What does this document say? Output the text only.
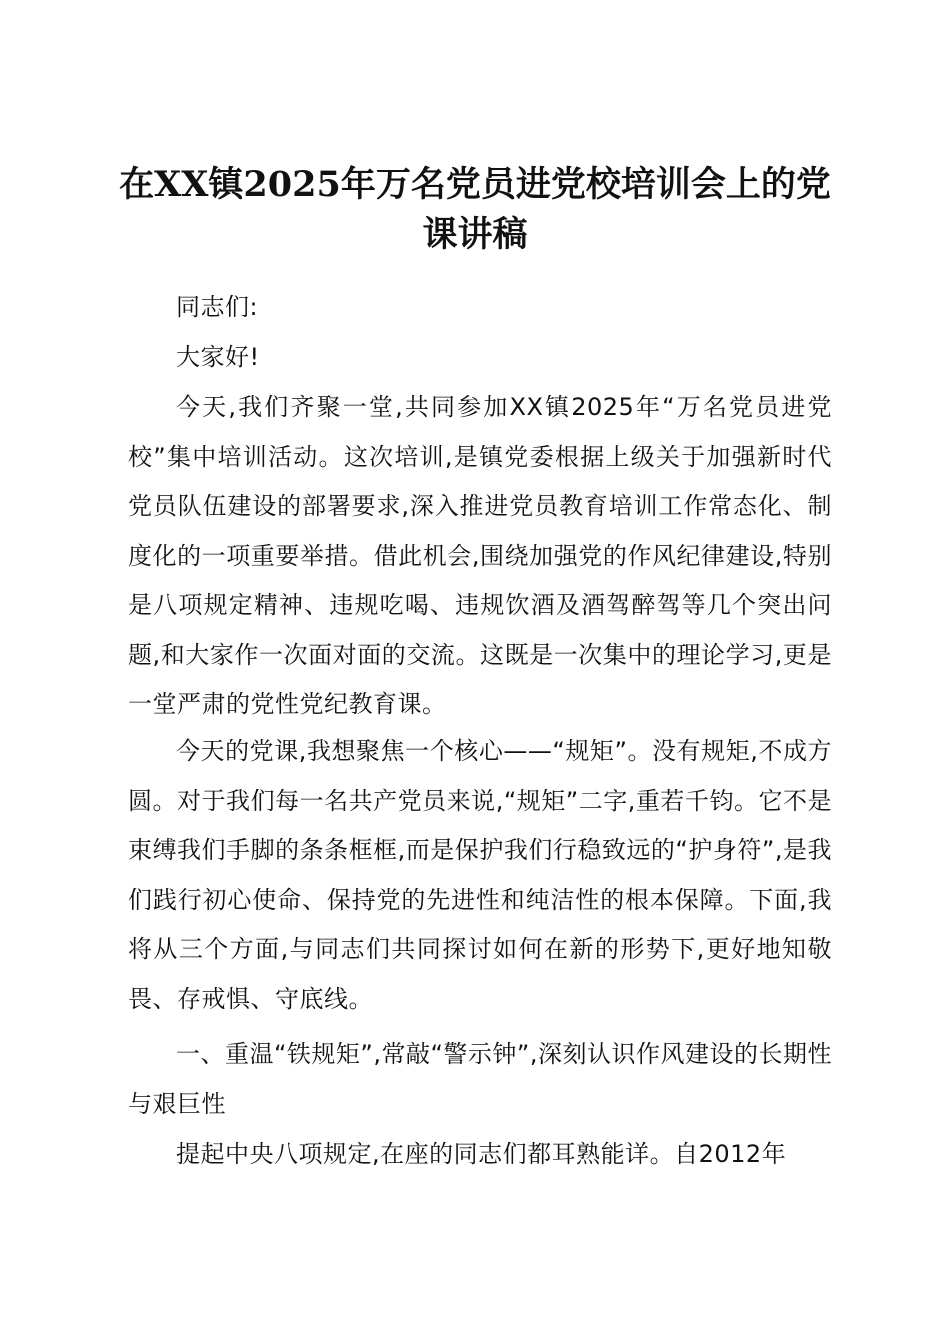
在XX镇2025年万名党员进党校培训会上的党课讲稿

同志们:

大家好!

今天,我们齐聚一堂,共同参加XX镇2025年“万名党员进党校”集中培训活动。这次培训,是镇党委根据上级关于加强新时代党员队伍建设的部署要求,深入推进党员教育培训工作常态化、制度化的一项重要举措。借此机会,围绕加强党的作风纪律建设,特别是八项规定精神、违规吃喝、违规饮酒及酒驾醉驾等几个突出问题,和大家作一次面对面的交流。这既是一次集中的理论学习,更是一堂严肃的党性党纪教育课。

今天的党课,我想聚焦一个核心——“规矩”。没有规矩,不成方圆。对于我们每一名共产党员来说,“规矩”二字,重若千钧。它不是束缚我们手脚的条条框框,而是保护我们行稳致远的“护身符”,是我们践行初心使命、保持党的先进性和纯洁性的根本保障。下面,我将从三个方面,与同志们共同探讨如何在新的形势下,更好地知敬畏、存戒惧、守底线。

一、重温“铁规矩”,常敲“警示钟”,深刻认识作风建设的长期性与艰巨性

提起中央八项规定,在座的同志们都耳熟能详。自2012年
